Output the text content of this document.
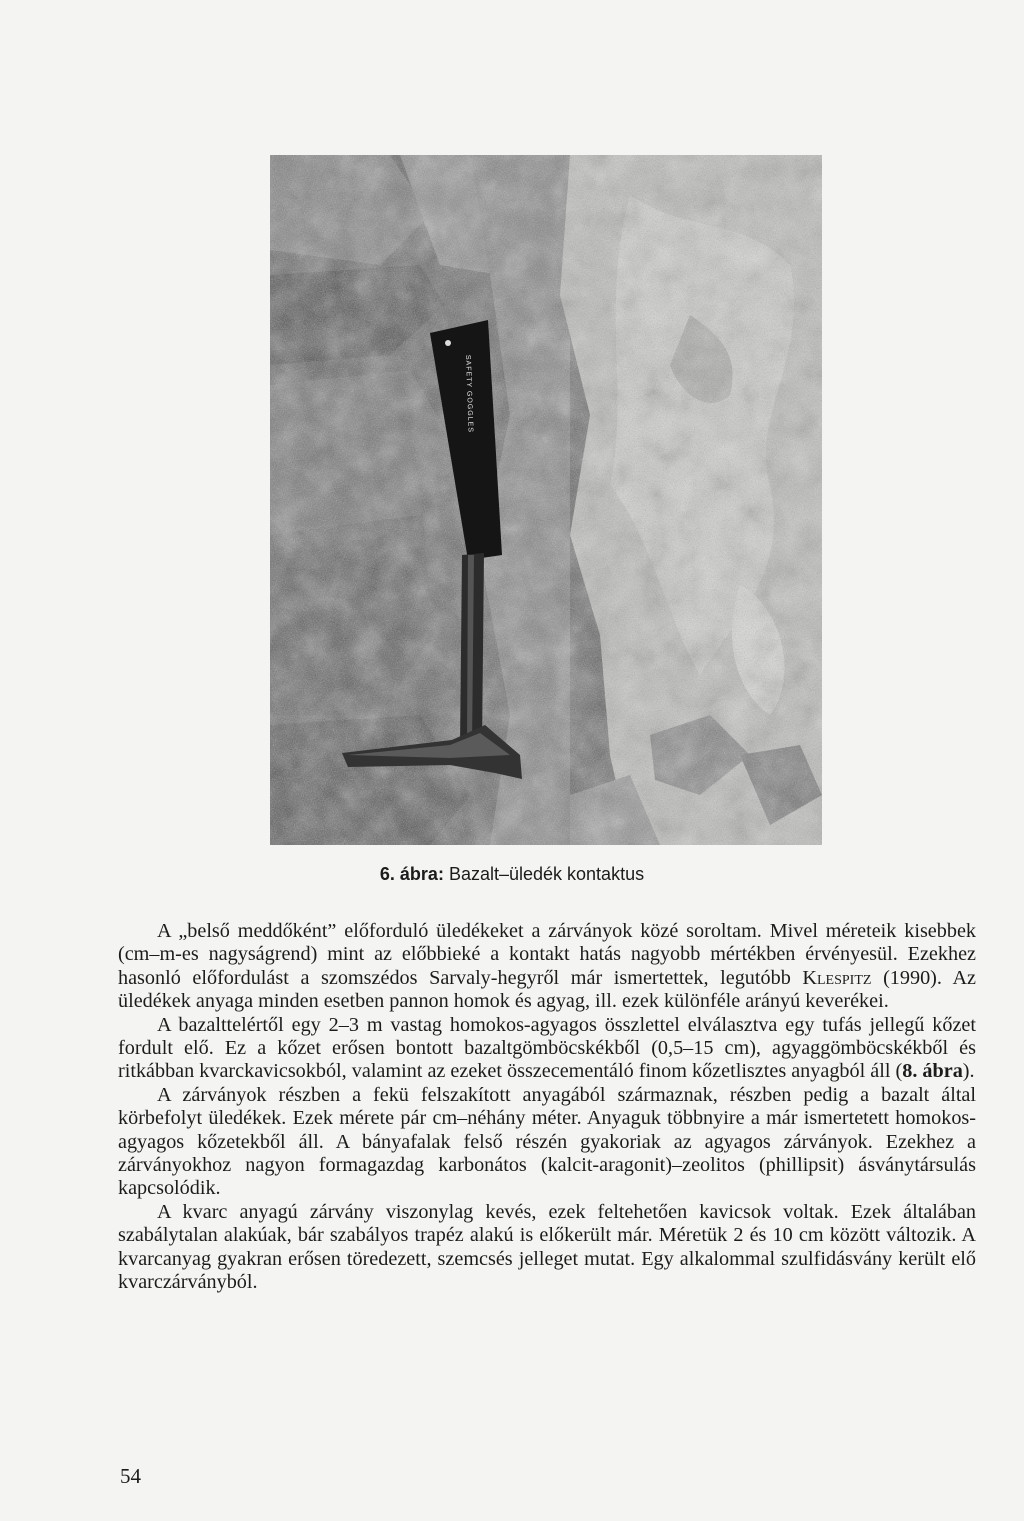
SAFETY GOGGLES
6. ábra: Bazalt–üledék kontaktus

A „belső meddőként” előforduló üledékeket a zárványok közé soroltam. Mivel méreteik kisebbek (cm–m-es nagyságrend) mint az előbbieké a kontakt hatás nagyobb mértékben érvényesül. Ezekhez hasonló előfordulást a szomszédos Sarvaly-hegyről már ismertettek, legutóbb Klespitz (1990). Az üledékek anyaga minden esetben pannon homok és agyag, ill. ezek különféle arányú keverékei.

A bazalttelértől egy 2–3 m vastag homokos-agyagos összlettel elválasztva egy tufás jellegű kőzet fordult elő. Ez a kőzet erősen bontott bazaltgömböcskékből (0,5–15 cm), agyaggömböcskékből és ritkábban kvarckavicsokból, valamint az ezeket összecementáló finom kőzetlisztes anyagból áll (8. ábra).

A zárványok részben a fekü felszakított anyagából származnak, részben pedig a bazalt által körbefolyt üledékek. Ezek mérete pár cm–néhány méter. Anyaguk többnyire a már ismertetett homokos-agyagos kőzetekből áll. A bányafalak felső részén gyakoriak az agyagos zárványok. Ezekhez a zárványokhoz nagyon formagazdag karbonátos (kalcit-aragonit)–zeolitos (phillipsit) ásványtársulás kapcsolódik.

A kvarc anyagú zárvány viszonylag kevés, ezek feltehetően kavicsok voltak. Ezek általában szabálytalan alakúak, bár szabályos trapéz alakú is előkerült már. Méretük 2 és 10 cm között változik. A kvarcanyag gyakran erősen töredezett, szemcsés jelleget mutat. Egy alkalommal szulfidásvány került elő kvarczárványból.

54
